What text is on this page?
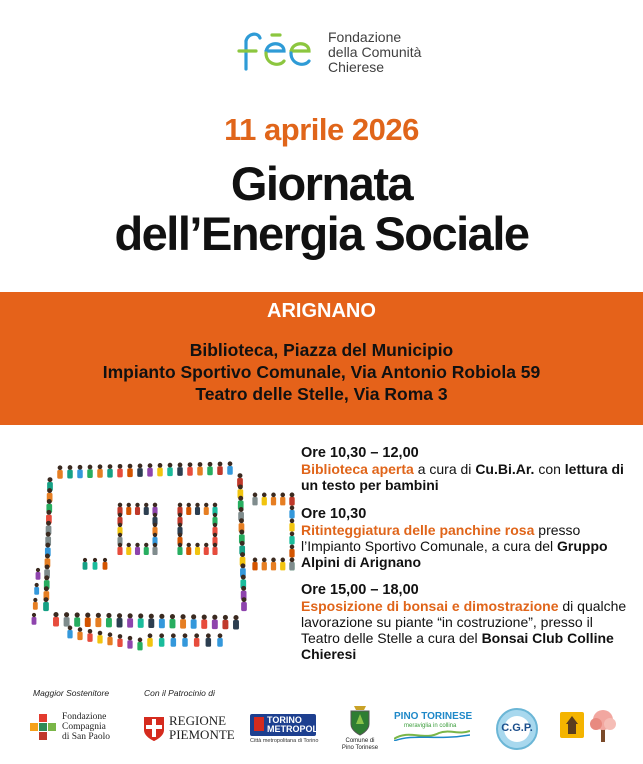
Fondazione
della Comunità
Chierese
11 aprile 2026
Giornata
dell’Energia Sociale
ARIGNANO
Biblioteca, Piazza del Municipio
Impianto Sportivo Comunale, Via Antonio Robiola 59
Teatro delle Stelle, Via Roma 3
Ore 10,30 – 12,00
Biblioteca aperta a cura di Cu.Bi.Ar. con lettura di un testo per bambini
Ore 10,30
Ritinteggiatura delle panchine rosa presso l’Impianto Sportivo Comunale, a cura del Gruppo Alpini di Arignano
Ore 15,00 – 18,00
Esposizione di bonsai e dimostrazione di qualche lavorazione su piante “in costruzione”, presso il Teatro delle Stelle a cura del Bonsai Club Colline Chieresi
Maggior Sostenitore	Con il Patrocinio di
Fondazione
Compagnia
di San Paolo
REGIONE
PIEMONTE
TORINO
METROPOLI
Città metropolitana di Torino	Comune di
Pino Torinese
PINO TORINESE
meraviglia in collina	C.G.P.
